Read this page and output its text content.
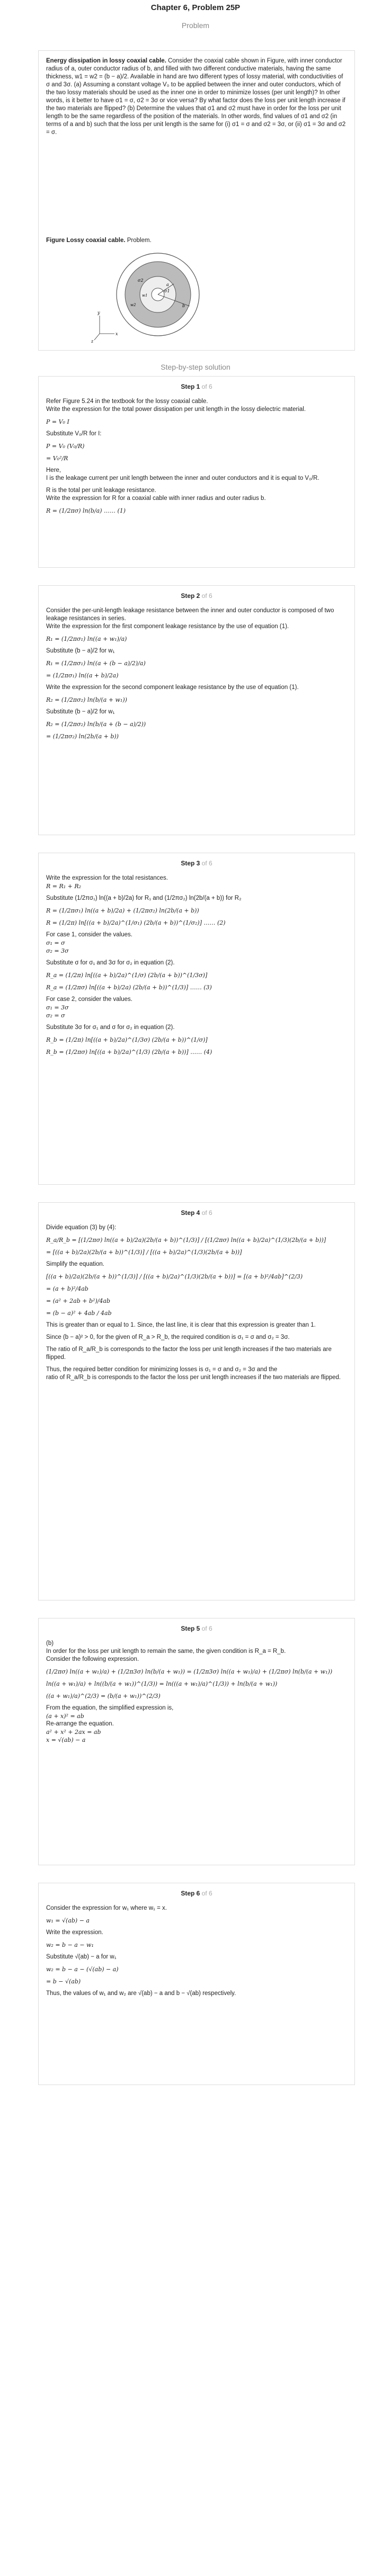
Chapter 6, Problem 25P
Problem
Energy dissipation in lossy coaxial cable. Consider the coaxial cable shown in Figure, with inner conductor radius of a, outer conductor radius of b, and filled with two different conductive materials, having the same thickness, w1 = w2 = (b − a)/2. Available in hand are two different types of lossy material, with conductivities of σ and 3σ. (a) Assuming a constant voltage V₀ to be applied between the inner and outer conductors, which of the two lossy materials should be used as the inner one in order to minimize losses (per unit length)? In other words, is it better to have σ1 = σ, σ2 = 3σ or vice versa? By what factor does the loss per unit length increase if the two materials are flipped? (b) Determine the values that σ1 and σ2 must have in order for the loss per unit length to be the same regardless of the position of the materials. In other words, find values of σ1 and σ2 (in terms of a and b) such that the loss per unit length is the same for (i) σ1 = σ and σ2 = 3σ, or (ii) σ1 = 3σ and σ2 = σ.
Figure Lossy coaxial cable. Problem.
σ1
σ2
a
b
w1
w2
x
y
z
Step-by-step solution
Step 1 of 6
Refer Figure 5.24 in the textbook for the lossy coaxial cable.
Write the expression for the total power dissipation per unit length in the lossy dielectric material.
P = V₀ I
Substitute V₀/R for I:
P = V₀ (V₀/R)
= V₀²/R
Here,
I is the leakage current per unit length between the inner and outer conductors and it is equal to V₀/R.
R is the total per unit leakage resistance.
Write the expression for R for a coaxial cable with inner radius and outer radius b.
R = (1/2πσ) ln(b/a) …… (1)
Step 2 of 6
Consider the per-unit-length leakage resistance between the inner and outer conductor is composed of two leakage resistances in series.
Write the expression for the first component leakage resistance by the use of equation (1).
R₁ = (1/2πσ₁) ln((a + w₁)/a)
Substitute (b − a)/2 for w₁
R₁ = (1/2πσ₁) ln((a + (b − a)/2)/a)
= (1/2πσ₁) ln((a + b)/2a)
Write the expression for the second component leakage resistance by the use of equation (1).
R₂ = (1/2πσ₂) ln(b/(a + w₁))
Substitute (b − a)/2 for w₁
R₂ = (1/2πσ₂) ln(b/(a + (b − a)/2))
= (1/2πσ₂) ln(2b/(a + b))
Step 3 of 6
Write the expression for the total resistances.
R = R₁ + R₂
Substitute (1/2πσ₁) ln((a + b)/2a) for R₁ and (1/2πσ₂) ln(2b/(a + b)) for R₂
R = (1/2πσ₁) ln((a + b)/2a) + (1/2πσ₂) ln(2b/(a + b))
R = (1/2π) ln[((a + b)/2a)^(1/σ₁) (2b/(a + b))^(1/σ₂)] …… (2)
For case 1, consider the values.
σ₁ = σ
σ₂ = 3σ
Substitute σ for σ₁ and 3σ for σ₂ in equation (2).
R_a = (1/2π) ln[((a + b)/2a)^(1/σ) (2b/(a + b))^(1/3σ)]
R_a = (1/2πσ) ln[((a + b)/2a) (2b/(a + b))^(1/3)] …… (3)
For case 2, consider the values.
σ₁ = 3σ
σ₂ = σ
Substitute 3σ for σ₁ and σ for σ₂ in equation (2).
R_b = (1/2π) ln[((a + b)/2a)^(1/3σ) (2b/(a + b))^(1/σ)]
R_b = (1/2πσ) ln[((a + b)/2a)^(1/3) (2b/(a + b))] …… (4)
Step 4 of 6
Divide equation (3) by (4):
R_a/R_b = [(1/2πσ) ln((a + b)/2a)(2b/(a + b))^(1/3)] / [(1/2πσ) ln((a + b)/2a)^(1/3)(2b/(a + b))]
= [((a + b)/2a)(2b/(a + b))^(1/3)] / [((a + b)/2a)^(1/3)(2b/(a + b))]
Simplify the equation.
[((a + b)/2a)(2b/(a + b))^(1/3)] / [((a + b)/2a)^(1/3)(2b/(a + b))] = [(a + b)²/4ab]^(2/3)
= (a + b)²/4ab
= (a² + 2ab + b²)/4ab
= (b − a)² + 4ab / 4ab
This is greater than or equal to 1. Since, the last line, it is clear that this expression is greater than 1.
Since (b − a)² > 0, for the given of R_a > R_b, the required condition is σ₁ = σ and σ₂ = 3σ.
The ratio of R_a/R_b is corresponds to the factor the loss per unit length increases if the two materials are flipped.
Thus, the required better condition for minimizing losses is σ₁ = σ and σ₂ = 3σ and the
ratio of R_a/R_b is corresponds to the factor the loss per unit length increases if the two materials are flipped.
Step 5 of 6
(b)
In order for the loss per unit length to remain the same, the given condition is R_a = R_b.
Consider the following expression.
(1/2πσ) ln((a + w₁)/a) + (1/2π3σ) ln(b/(a + w₁)) = (1/2π3σ) ln((a + w₁)/a) + (1/2πσ) ln(b/(a + w₁))
ln((a + w₁)/a) + ln((b/(a + w₁))^(1/3)) = ln(((a + w₁)/a)^(1/3)) + ln(b/(a + w₁))
((a + w₁)/a)^(2/3) = (b/(a + w₁))^(2/3)
From the equation, the simplified expression is,
(a + x)² = ab
Re-arrange the equation.
a² + x² + 2ax = ab
x = √(ab) − a
Step 6 of 6
Consider the expression for w₁ where w₁ = x.
w₁ = √(ab) − a
Write the expression.
w₂ = b − a − w₁
Substitute √(ab) − a for w₁
w₂ = b − a − (√(ab) − a)
= b − √(ab)
Thus, the values of w₁ and w₂ are √(ab) − a and b − √(ab) respectively.
